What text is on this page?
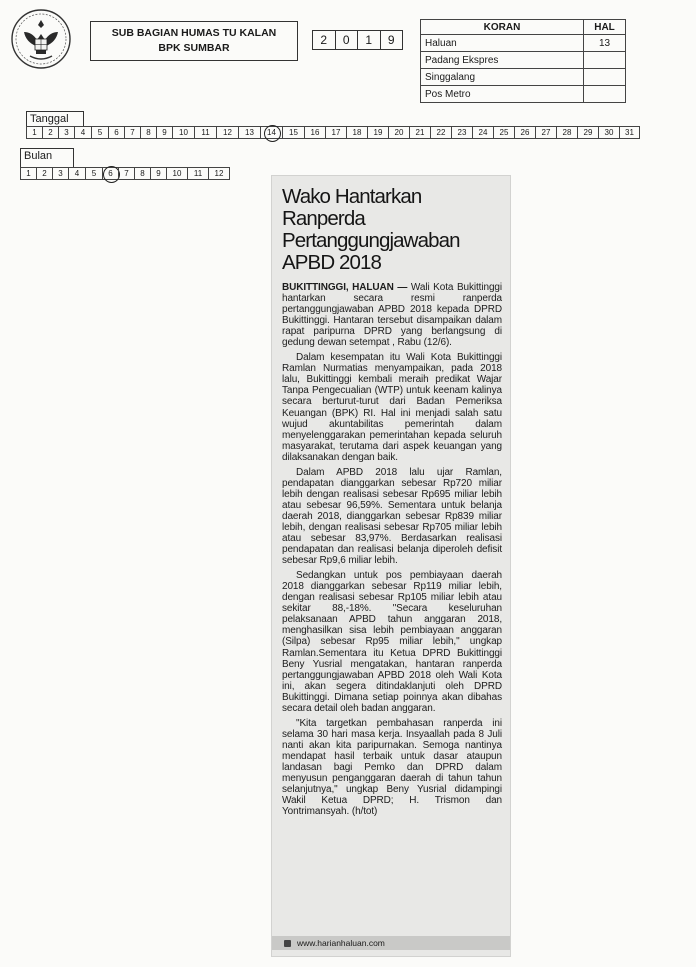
SUB BAGIAN HUMAS TU KALAN
BPK SUMBAR
2	0	1	9
KORAN	HAL
Haluan	13
Padang Ekspres	
Singgalang	
Pos Metro	
Tanggal
1	2	3	4	5	6	7	8	9	10	11	12	13	14	15	16	17	18	19	20	21	22	23	24	25	26	27	28	29	30	31
Bulan
1	2	3	4	5	6	7	8	9	10	11	12
Wako Hantarkan Ranperda Pertanggungjawaban APBD 2018

BUKITTINGGI, HALUAN — Wali Kota Bukittinggi hantarkan secara resmi ranperda pertanggungjawaban APBD 2018 kepada DPRD Bukittinggi. Hantaran tersebut disampaikan dalam rapat paripurna DPRD yang berlangsung di gedung dewan setempat , Rabu (12/6).

Dalam kesempatan itu Wali Kota Bukittinggi Ramlan Nurmatias menyampaikan, pada 2018 lalu, Bukittinggi kembali meraih predikat Wajar Tanpa Pengecualian (WTP) untuk keenam kalinya secara berturut-turut dari Badan Pemeriksa Keuangan (BPK) RI. Hal ini menjadi salah satu wujud akuntabilitas pemerintah dalam menyelenggarakan pemerintahan kepada seluruh masyarakat, terutama dari aspek keuangan yang dilaksanakan dengan baik.

Dalam APBD 2018 lalu ujar Ramlan, pendapatan dianggarkan sebesar Rp720 miliar lebih dengan realisasi sebesar Rp695 miliar lebih atau sebesar 96,59%. Sementara untuk belanja daerah 2018, dianggarkan sebesar Rp839 miliar lebih, dengan realisasi sebesar Rp705 miliar lebih atau sebesar 83,97%. Berdasarkan realisasi pendapatan dan realisasi belanja diperoleh defisit sebesar Rp9,6 miliar lebih.

Sedangkan untuk pos pembiayaan daerah 2018 dianggarkan sebesar Rp119 miliar lebih, dengan realisasi sebesar Rp105 miliar lebih atau sekitar 88,-18%. "Secara keseluruhan pelaksanaan APBD tahun anggaran 2018, menghasilkan sisa lebih pembiayaan anggaran (Silpa) sebesar Rp95 miliar lebih," ungkap Ramlan.Sementara itu Ketua DPRD Bukittinggi Beny Yusrial mengatakan, hantaran ranperda pertanggungjawaban APBD 2018 oleh Wali Kota ini, akan segera ditindaklanjuti oleh DPRD Bukittinggi. Dimana setiap poinnya akan dibahas secara detail oleh badan anggaran.

"Kita targetkan pembahasan ranperda ini selama 30 hari masa kerja. Insyaallah pada 8 Juli nanti akan kita paripurnakan. Semoga nantinya mendapat hasil terbaik untuk dasar ataupun landasan bagi Pemko dan DPRD dalam menyusun penganggaran daerah di tahun tahun selanjutnya," ungkap Beny Yusrial didampingi Wakil Ketua DPRD; H. Trismon dan Yontrimansyah. (h/tot)

www.harianhaluan.com
